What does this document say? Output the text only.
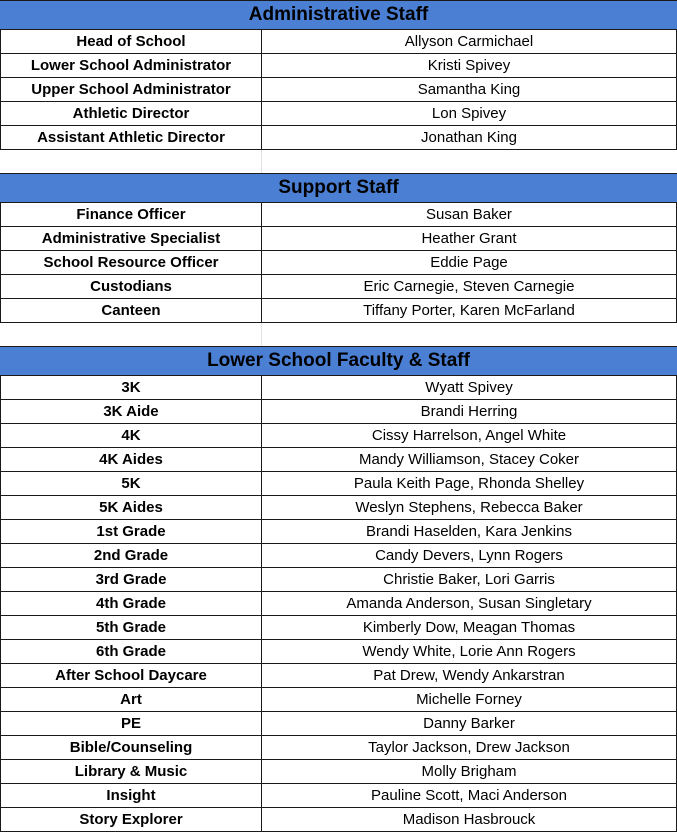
Administrative Staff
Head of School	Allyson Carmichael
Lower School Administrator	Kristi Spivey
Upper School Administrator	Samantha King
Athletic Director	Lon Spivey
Assistant Athletic Director	Jonathan King
Support Staff
Finance Officer	Susan Baker
Administrative Specialist	Heather Grant
School Resource Officer	Eddie Page
Custodians	Eric Carnegie, Steven Carnegie
Canteen	Tiffany Porter, Karen McFarland
Lower School Faculty & Staff
3K	Wyatt Spivey
3K Aide	Brandi Herring
4K	Cissy Harrelson, Angel White
4K Aides	Mandy Williamson, Stacey Coker
5K	Paula Keith Page, Rhonda Shelley
5K Aides	Weslyn Stephens, Rebecca Baker
1st Grade	Brandi Haselden, Kara Jenkins
2nd Grade	Candy Devers, Lynn Rogers
3rd Grade	Christie Baker, Lori Garris
4th Grade	Amanda Anderson, Susan Singletary
5th Grade	Kimberly Dow, Meagan Thomas
6th Grade	Wendy White, Lorie Ann Rogers
After School Daycare	Pat Drew, Wendy Ankarstran
Art	Michelle Forney
PE	Danny Barker
Bible/Counseling	Taylor Jackson, Drew Jackson
Library & Music	Molly Brigham
Insight	Pauline Scott, Maci Anderson
Story Explorer	Madison Hasbrouck
